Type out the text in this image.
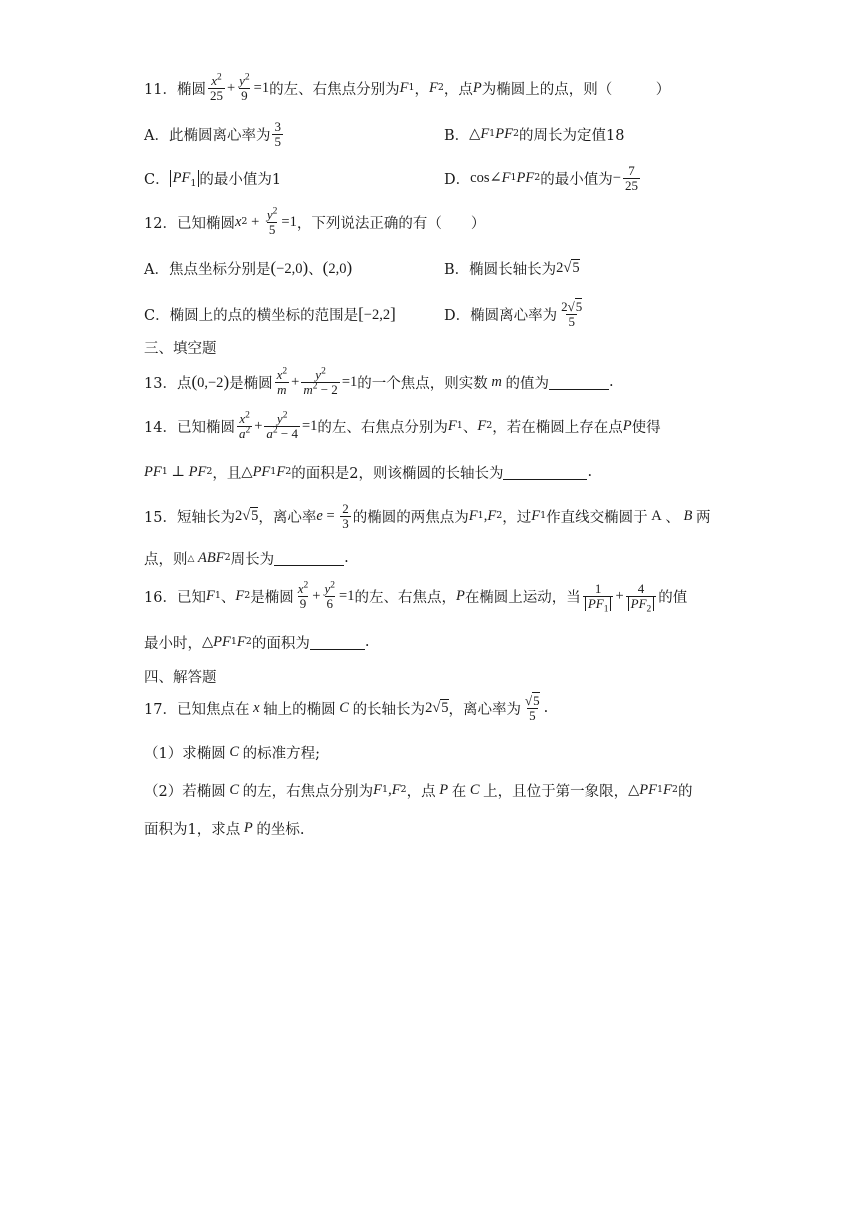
11． 椭圆 $\frac{x^2}{25} + \frac{y^2}{9} =1$ 的左、右焦点分别为 F 1 ， F 2 ，点 P 为椭圆上的点，则（　　　）
A．此椭圆离心率为 $\frac{3}{5}$	B． △ F 1 PF 2 的周长为定值18
C． $PF_1$ 的最小值为1	D． cos∠ F 1 PF 2 的最小值为 − $\frac{7}{25}$
12． 已知椭圆 x $2 + \frac{y^2}{5} =1$ ，下列说法正确的有（　　）
A．焦点坐标分别是 (−2,0) 、 (2,0)	B．椭圆长轴长为 2√5
C．椭圆上的点的横坐标的范围是 [−2,2]	D．椭圆离心率为 $\frac{2√5}{5}$
三、填空题
13． 点 (0,−2) 是椭圆 $\frac{x^2}{m} + \frac{y^2}{m^2 - 2} =1$ 的一个焦点，则实数 m 的值为	.
14． 已知椭圆 $\frac{x^2}{a^2} + \frac{y^2}{a^2 - 4} =1$ 的左、右焦点分别为 F 1 、 F 2 ，若在椭圆上存在点 P 使得
PF 1 ⊥ PF 2 ，且 △ PF 1 F 2 的面积是2，则该椭圆的长轴长为	.
15． 短轴长为 2√5 ，离心率 $e = \frac{2}{3}$ 的椭圆的两焦点为 F 1 , F 2 ，过 F 1 作直线交椭圆于 A 、 B 两
点，则 △ ABF 2 周长为	.
16． 已知 F 1 、 F 2 是椭圆 $\frac{x^2}{9} + \frac{y^2}{6} =1$ 的左、右焦点， P 在椭圆上运动，当 $\frac{1}{PF_1} + \frac{4}{PF_2}$ 的值
最小时， △ PF 1 F 2 的面积为	.
四、解答题
17． 已知焦点在 x 轴上的椭圆 C 的长轴长为 2√5 ，离心率为 $\frac{√5}{5}$ .
（1）求椭圆 C 的标准方程;
（2）若椭圆 C 的左，右焦点分别为 F 1 , F 2 ，点 P 在 C 上，且位于第一象限， △ PF 1 F 2 的
面积为1，求点 P 的坐标.
